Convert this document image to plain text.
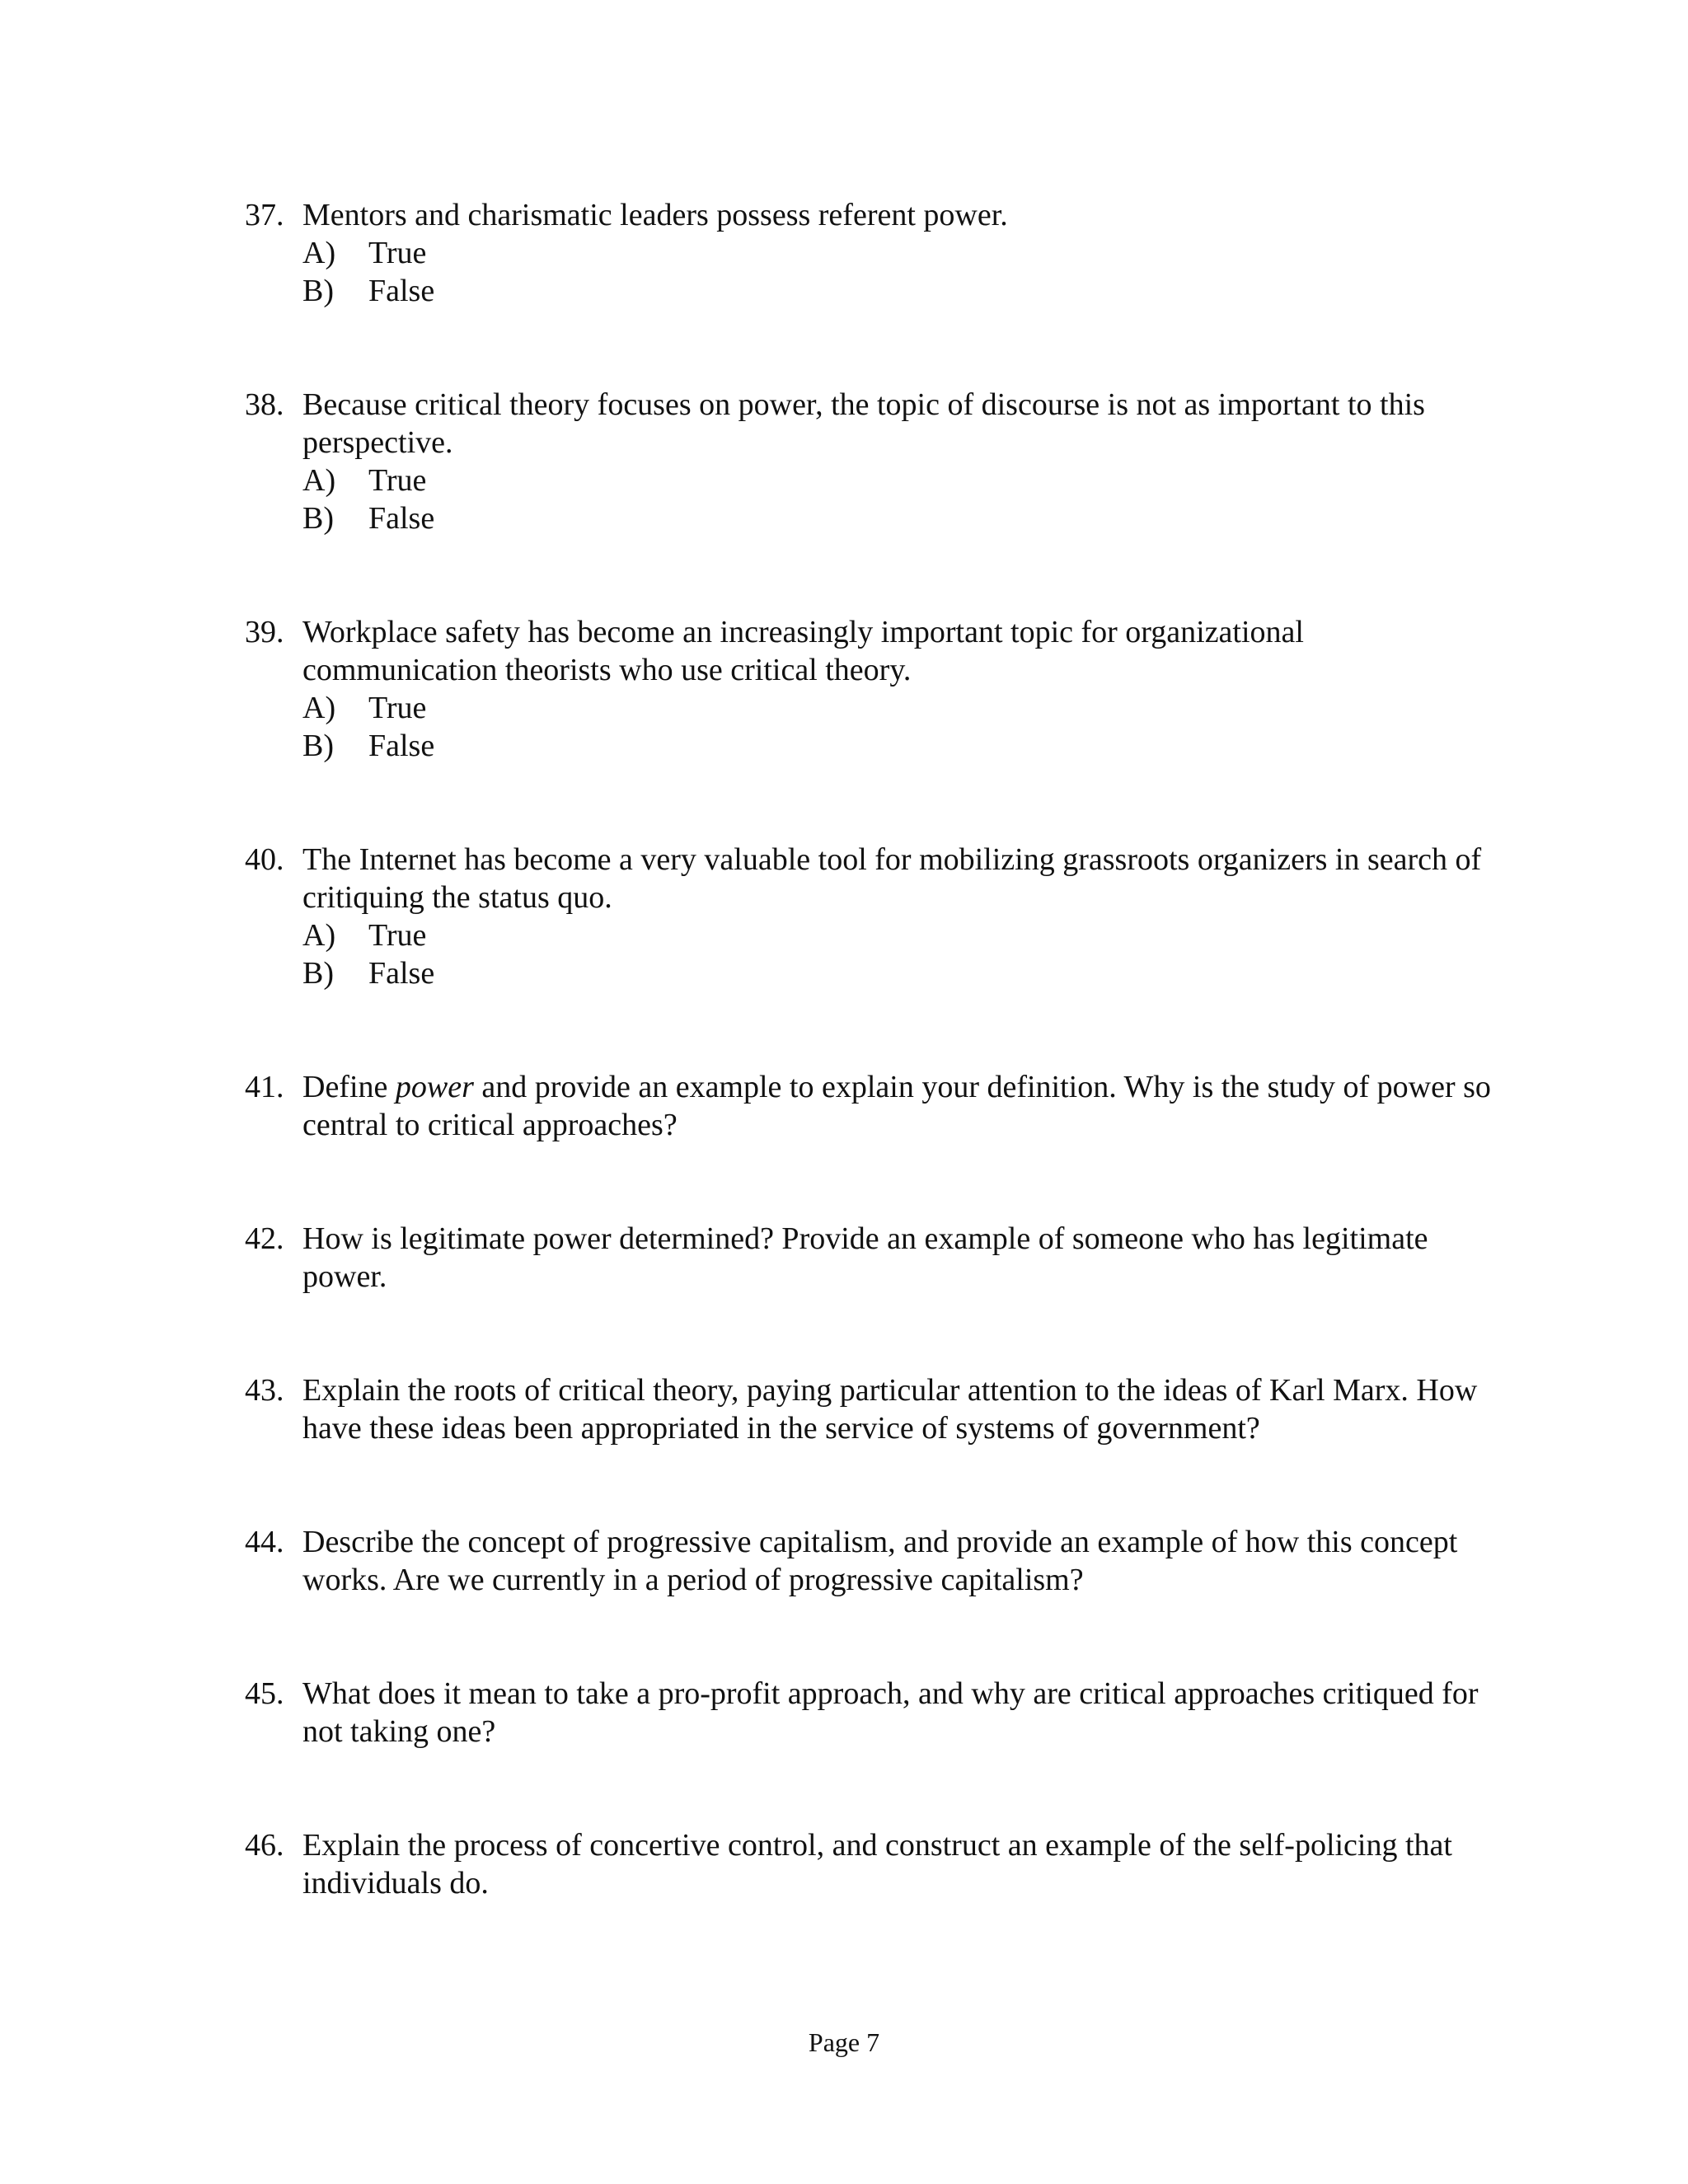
37. Mentors and charismatic leaders possess referent power.
A) True
B) False
38. Because critical theory focuses on power, the topic of discourse is not as important to this perspective.
A) True
B) False
39. Workplace safety has become an increasingly important topic for organizational communication theorists who use critical theory.
A) True
B) False
40. The Internet has become a very valuable tool for mobilizing grassroots organizers in search of critiquing the status quo.
A) True
B) False
41. Define power and provide an example to explain your definition. Why is the study of power so central to critical approaches?
42. How is legitimate power determined? Provide an example of someone who has legitimate power.
43. Explain the roots of critical theory, paying particular attention to the ideas of Karl Marx. How have these ideas been appropriated in the service of systems of government?
44. Describe the concept of progressive capitalism, and provide an example of how this concept works. Are we currently in a period of progressive capitalism?
45. What does it mean to take a pro-profit approach, and why are critical approaches critiqued for not taking one?
46. Explain the process of concertive control, and construct an example of the self-policing that individuals do.
Page 7
